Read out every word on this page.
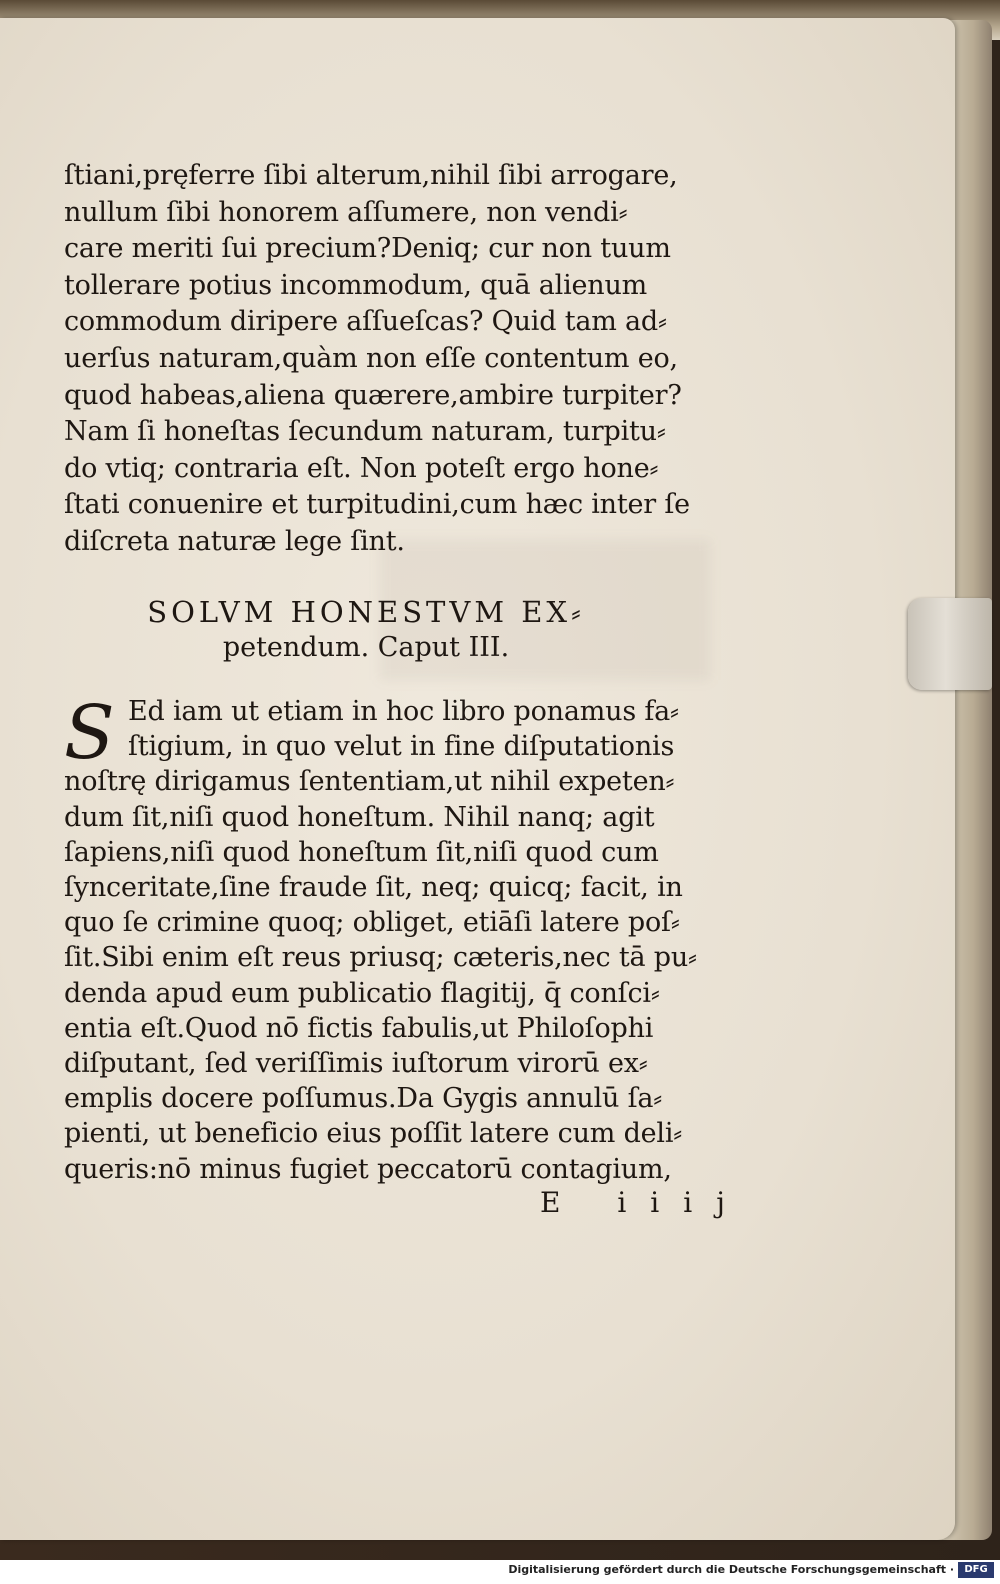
ſtiani,pręferre ſibi alterum,nihil ſibi arrogare,
nullum ſibi honorem aſſumere, non vendi⸗
care meriti ſui precium?Deniq; cur non tuum
tollerare potius incommodum, quā alienum
commodum diripere aſſueſcas? Quid tam ad⸗
uerſus naturam,quàm non eſſe contentum eo,
quod habeas,aliena quærere,ambire turpiter?
Nam ſi honeſtas ſecundum naturam, turpitu⸗
do vtiq; contraria eſt. Non poteſt ergo hone⸗
ſtati conuenire et turpitudini,cum hæc inter ſe
diſcreta naturæ lege ſint.
SOLVM HONESTVM EX⸗
petendum. Caput III.
S Ed iam ut etiam in hoc libro ponamus fa⸗
ſtigium, in quo velut in fine diſputationis
noſtrę dirigamus ſententiam,ut nihil expeten⸗
dum ſit,niſi quod honeſtum. Nihil nanq; agit
ſapiens,niſi quod honeſtum ſit,niſi quod cum
ſynceritate,ſine fraude ſit, neq; quicq; facit, in
quo ſe crimine quoq; obliget, etiāſi latere poſ⸗
ſit.Sibi enim eſt reus priusq; cæteris,nec tā pu⸗
denda apud eum publicatio flagitij, q̄ conſci⸗
entia eſt.Quod nō fictis fabulis,ut Philoſophi
diſputant, ſed veriſſimis iuſtorum virorū ex⸗
emplis docere poſſumus.Da Gygis annulū ſa⸗
pienti, ut beneficio eius poſſit latere cum deli⸗
queris:nō minus fugiet peccatorū contagium,
E iiij
Digitalisierung gefördert durch die Deutsche Forschungsgemeinschaft ·	DFG
